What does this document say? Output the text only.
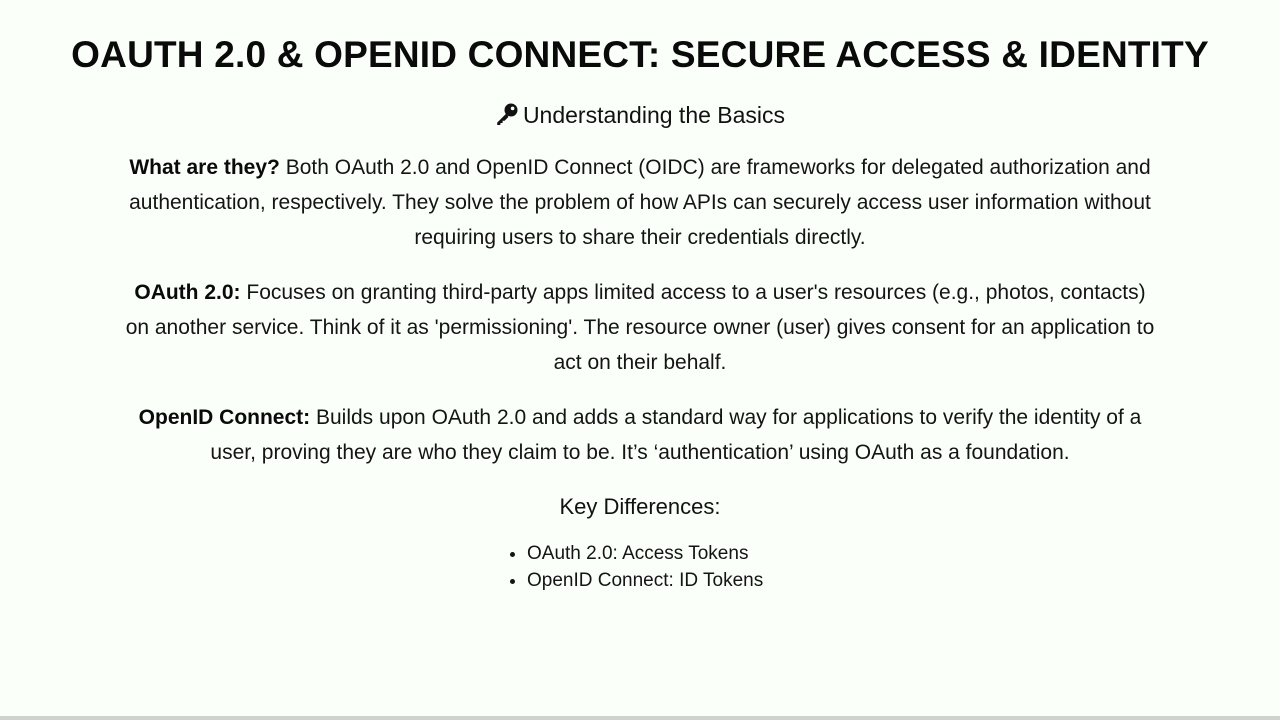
OAUTH 2.0 & OPENID CONNECT: SECURE ACCESS & IDENTITY
Understanding the Basics

What are they? Both OAuth 2.0 and OpenID Connect (OIDC) are frameworks for delegated authorization and authentication, respectively. They solve the problem of how APIs can securely access user information without requiring users to share their credentials directly.

OAuth 2.0: Focuses on granting third-party apps limited access to a user's resources (e.g., photos, contacts) on another service. Think of it as 'permissioning'. The resource owner (user) gives consent for an application to act on their behalf.

OpenID Connect: Builds upon OAuth 2.0 and adds a standard way for applications to verify the identity of a user, proving they are who they claim to be. It’s ‘authentication’ using OAuth as a foundation.

Key Differences:
• OAuth 2.0: Access Tokens
• OpenID Connect: ID Tokens
